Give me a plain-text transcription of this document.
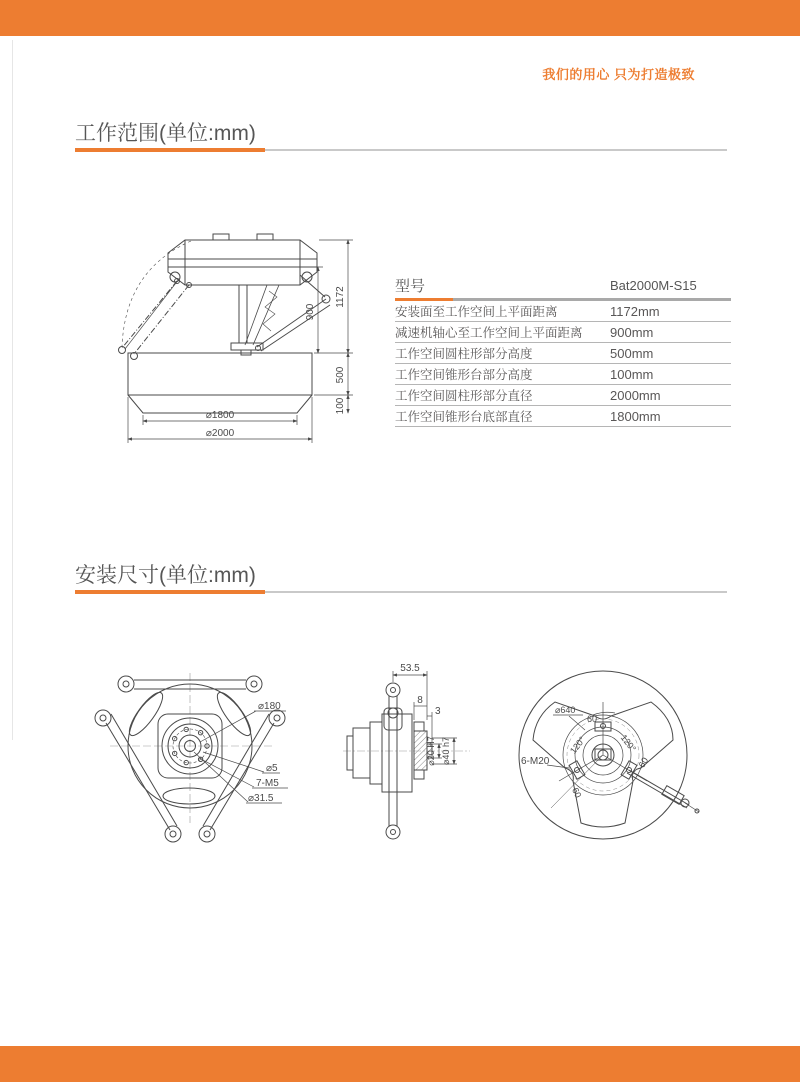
我们的用心 只为打造极致
工作范围(单位:mm)
1172
900
500
100
⌀1800
⌀2000
型号	Bat2000M-S15
安装面至工作空间上平面距离	1172mm
减速机轴心至工作空间上平面距离	900mm
工作空间圆柱形部分高度	500mm
工作空间锥形台部分高度	100mm
工作空间圆柱形部分直径	2000mm
工作空间锥形台底部直径	1800mm
安装尺寸(单位:mm)
⌀180
⌀5
7-M5
⌀31.5
53.5
8
3
⌀20 H7 ⌀40 h7
⌀640
60
120°	120°
6-M20	60
60
